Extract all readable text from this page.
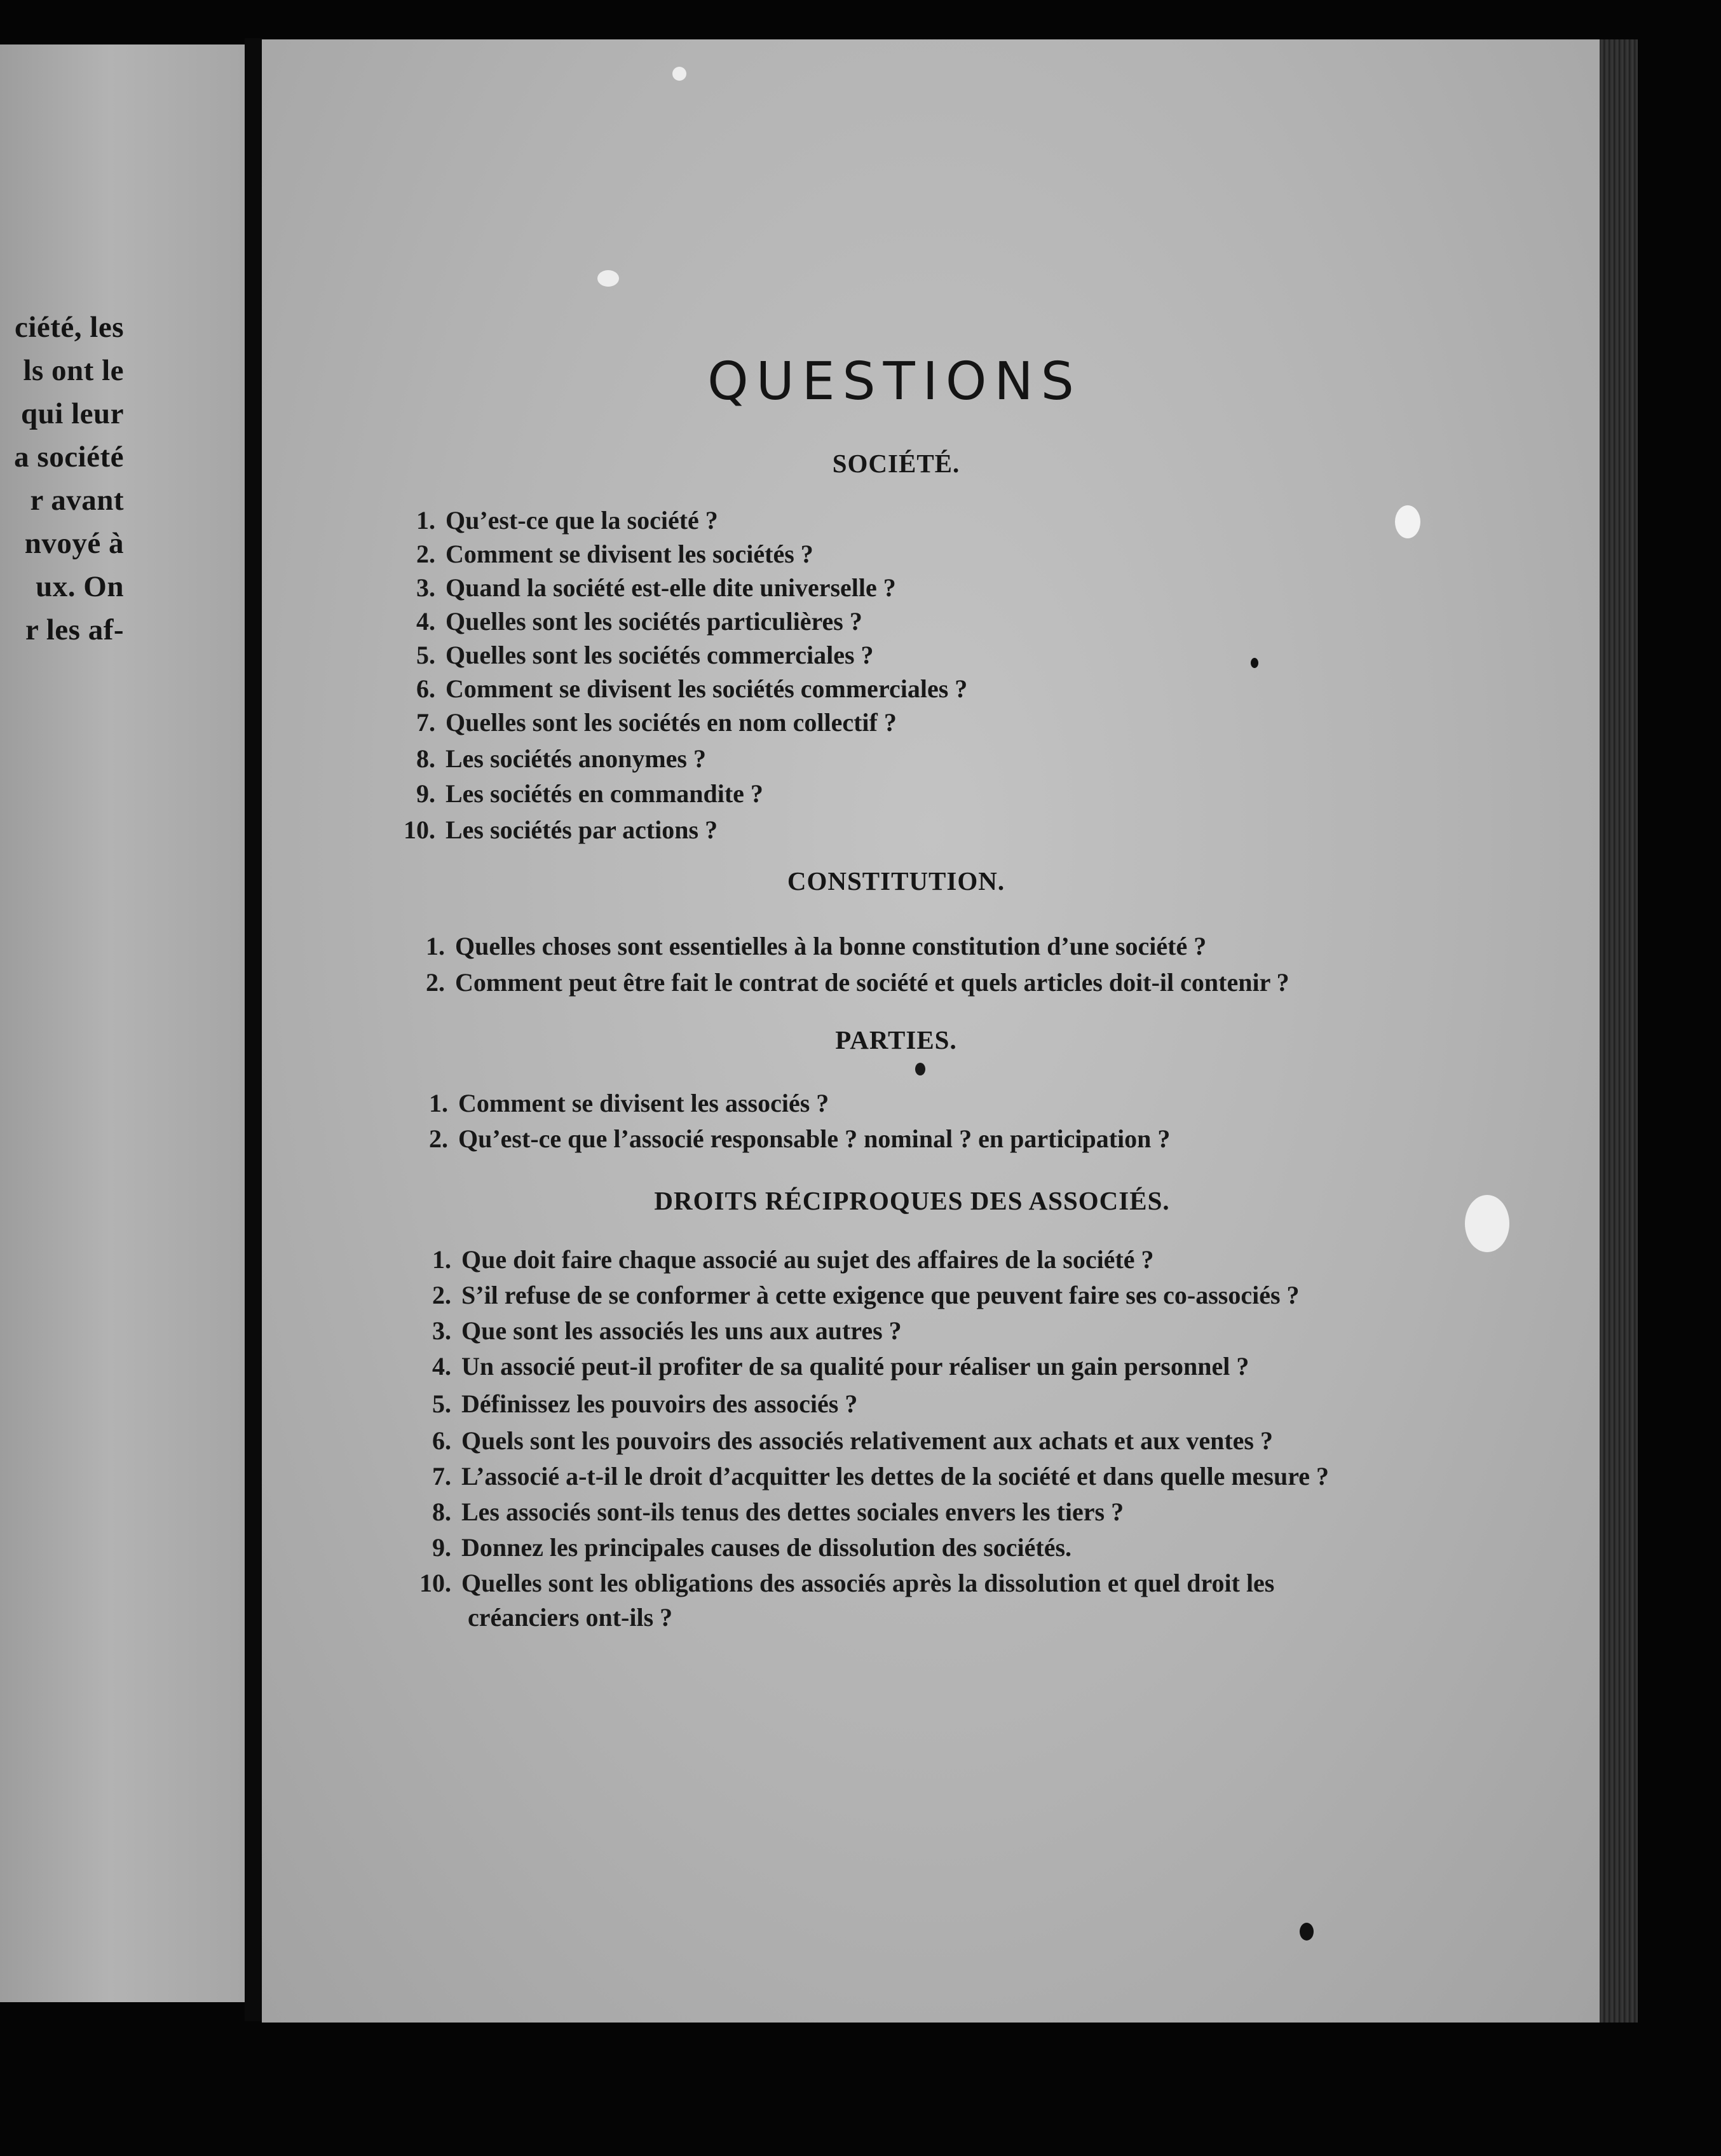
ciété, les
ls ont le
qui leur
a société
r avant
nvoyé à
ux. On
r les af-
QUESTIONS
SOCIÉTÉ.
1. Qu’est-ce que la société ?
2. Comment se divisent les sociétés ?
3. Quand la société est-elle dite universelle ?
4. Quelles sont les sociétés particulières ?
5. Quelles sont les sociétés commerciales ?
6. Comment se divisent les sociétés commerciales ?
7. Quelles sont les sociétés en nom collectif ?
8. Les sociétés anonymes ?
9. Les sociétés en commandite ?
10. Les sociétés par actions ?
CONSTITUTION.
1. Quelles choses sont essentielles à la bonne constitution d’une société ?
2. Comment peut être fait le contrat de société et quels articles doit-il contenir ?
PARTIES.
1. Comment se divisent les associés ?
2. Qu’est-ce que l’associé responsable ? nominal ? en participation ?
DROITS RÉCIPROQUES DES ASSOCIÉS.
1. Que doit faire chaque associé au sujet des affaires de la société ?
2. S’il refuse de se conformer à cette exigence que peuvent faire ses co-associés ?
3. Que sont les associés les uns aux autres ?
4. Un associé peut-il profiter de sa qualité pour réaliser un gain personnel ?
5. Définissez les pouvoirs des associés ?
6. Quels sont les pouvoirs des associés relativement aux achats et aux ventes ?
7. L’associé a-t-il le droit d’acquitter les dettes de la société et dans quelle mesure ?
8. Les associés sont-ils tenus des dettes sociales envers les tiers ?
9. Donnez les principales causes de dissolution des sociétés.
10. Quelles sont les obligations des associés après la dissolution et quel droit les
créanciers ont-ils ?
